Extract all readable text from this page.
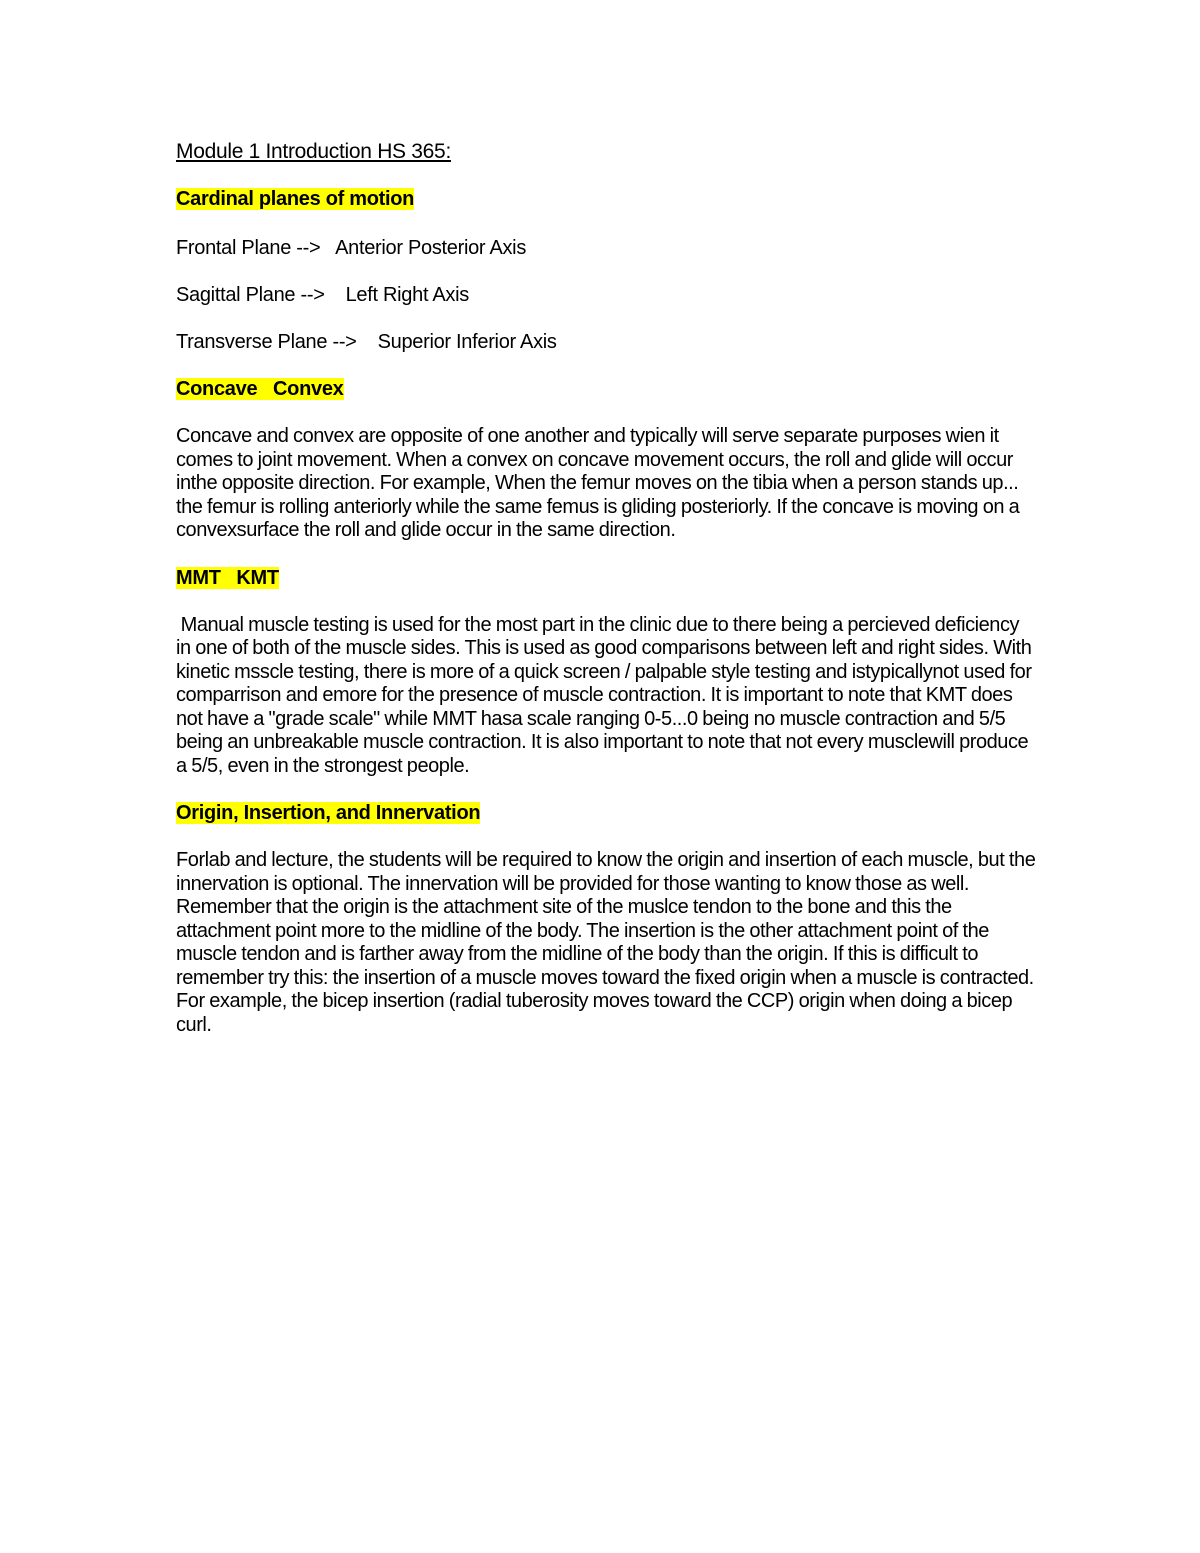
Module 1 Introduction HS 365:
Cardinal planes of motion
Frontal Plane -->   Anterior Posterior Axis
Sagittal Plane -->    Left Right Axis
Transverse Plane -->    Superior Inferior Axis
Concave   Convex
Concave and convex are opposite of one another and typically will serve separate purposes wien it comes to joint movement. When a convex on concave movement occurs, the roll and glide will occur inthe opposite direction. For example, When the femur moves on the tibia when a person stands up... the femur is rolling anteriorly while the same femus is gliding posteriorly. If the concave is moving on a convexsurface the roll and glide occur in the same direction.
MMT   KMT
Manual muscle testing is used for the most part in the clinic due to there being a percieved deficiency in one of both of the muscle sides. This is used as good comparisons between left and right sides. With kinetic msscle testing, there is more of a quick screen / palpable style testing and istypicallynot used for comparrison and emore for the presence of muscle contraction. It is important to note that KMT does not have a "grade scale" while MMT hasa scale ranging 0-5...0 being no muscle contraction and 5/5 being an unbreakable muscle contraction. It is also important to note that not every musclewill produce a 5/5, even in the strongest people.
Origin, Insertion, and Innervation
Forlab and lecture, the students will be required to know the origin and insertion of each muscle, but the innervation is optional. The innervation will be provided for those wanting to know those as well. Remember that the origin is the attachment site of the muslce tendon to the bone and this the attachment point more to the midline of the body. The insertion is the other attachment point of the muscle tendon and is farther away from the midline of the body than the origin. If this is difficult to remember try this: the insertion of a muscle moves toward the fixed origin when a muscle is contracted. For example, the bicep insertion (radial tuberosity moves toward the CCP) origin when doing a bicep curl.
